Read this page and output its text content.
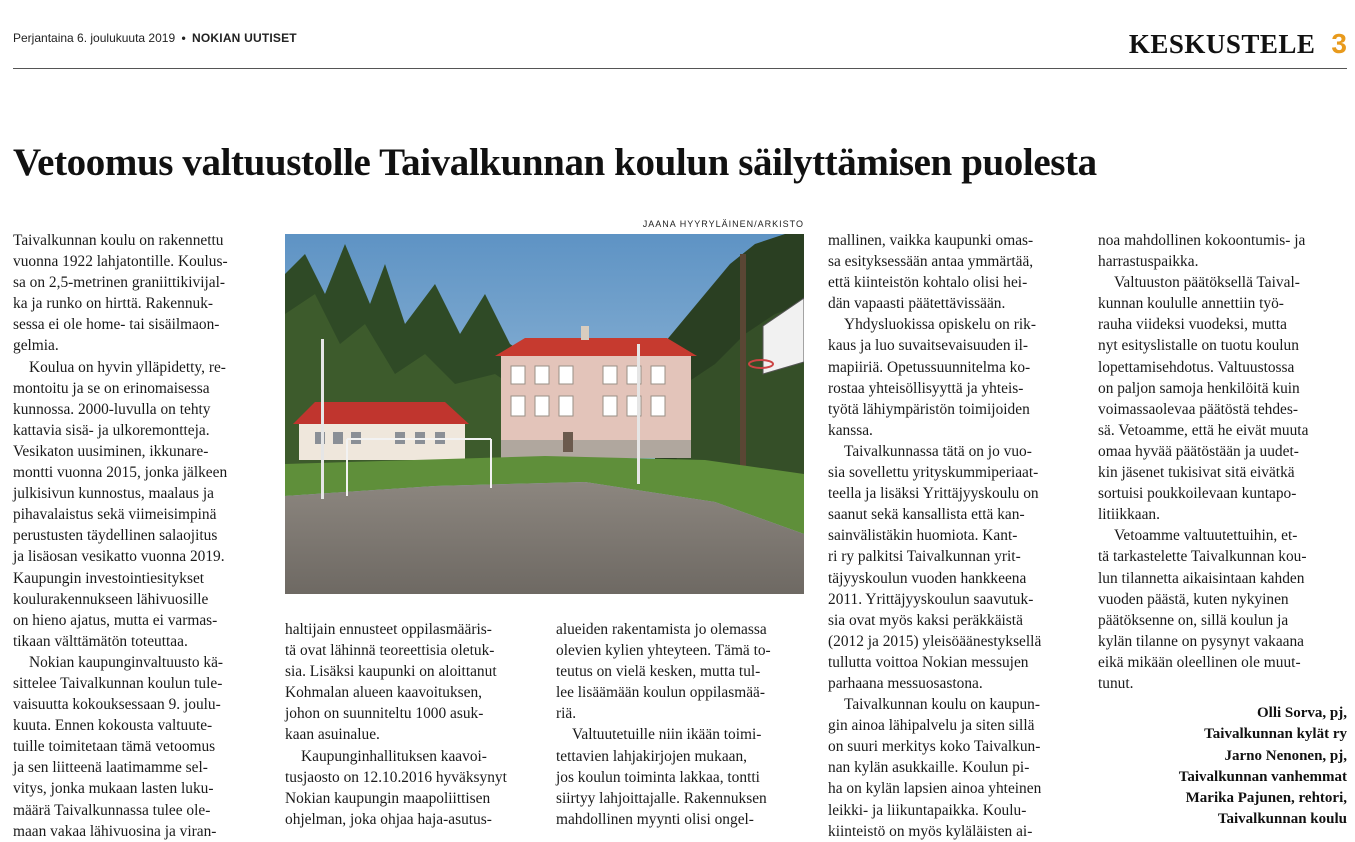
Perjantaina 6. joulukuuta 2019 • NOKIAN UUTISET	KESKUSTELE 3
Vetoomus valtuustolle Taivalkunnan koulun säilyttämisen puolesta
JAANA HYYRYLÄINEN/ARKISTO

Taivalkunnan koulu on rakennettu
vuonna 1922 lahjatontille. Koulus-
sa on 2,5-metrinen graniittikivijal-
ka ja runko on hirttä. Rakennuk-
sessa ei ole home- tai sisäilmaon-
gelmia.

Koulua on hyvin ylläpidetty, re-
montoitu ja se on erinomaisessa
kunnossa. 2000-luvulla on tehty
kattavia sisä- ja ulkoremontteja.
Vesikaton uusiminen, ikkunare-
montti vuonna 2015, jonka jälkeen
julkisivun kunnostus, maalaus ja
pihavalaistus sekä viimeisimpinä
perustusten täydellinen salaojitus
ja lisäosan vesikatto vuonna 2019.
Kaupungin investointiesitykset
koulurakennukseen lähivuosille
on hieno ajatus, mutta ei varmas-
tikaan välttämätön toteuttaa.

Nokian kaupunginvaltuusto kä-
sittelee Taivalkunnan koulun tule-
vaisuutta kokouksessaan 9. joulu-
kuuta. Ennen kokousta valtuute-
tuille toimitetaan tämä vetoomus
ja sen liitteenä laatimamme sel-
vitys, jonka mukaan lasten luku-
määrä Taivalkunnassa tulee ole-
maan vakaa lähivuosina ja viran-

haltijain ennusteet oppilasmääris-
tä ovat lähinnä teoreettisia oletuk-
sia. Lisäksi kaupunki on aloittanut
Kohmalan alueen kaavoituksen,
johon on suunniteltu 1000 asuk-
kaan asuinalue.

Kaupunginhallituksen kaavoi-
tusjaosto on 12.10.2016 hyväksynyt
Nokian kaupungin maapoliittisen
ohjelman, joka ohjaa haja-asutus-

alueiden rakentamista jo olemassa
olevien kylien yhteyteen. Tämä to-
teutus on vielä kesken, mutta tul-
lee lisäämään koulun oppilasmää-
riä.

Valtuutetuille niin ikään toimi-
tettavien lahjakirjojen mukaan,
jos koulun toiminta lakkaa, tontti
siirtyy lahjoittajalle. Rakennuksen
mahdollinen myynti olisi ongel-

mallinen, vaikka kaupunki omas-
sa esityksessään antaa ymmärtää,
että kiinteistön kohtalo olisi hei-
dän vapaasti päätettävissään.

Yhdysluokissa opiskelu on rik-
kaus ja luo suvaitsevaisuuden il-
mapiiriä. Opetussuunnitelma ko-
rostaa yhteisöllisyyttä ja yhteis-
työtä lähiympäristön toimijoiden
kanssa.

Taivalkunnassa tätä on jo vuo-
sia sovellettu yrityskummiperiaat-
teella ja lisäksi Yrittäjyyskoulu on
saanut sekä kansallista että kan-
sainvälistäkin huomiota. Kant-
ri ry palkitsi Taivalkunnan yrit-
täjyyskoulun vuoden hankkeena
2011. Yrittäjyyskoulun saavutuk-
sia ovat myös kaksi peräkkäistä
(2012 ja 2015) yleisöäänestyksellä
tullutta voittoa Nokian messujen
parhaana messuosastona.

Taivalkunnan koulu on kaupun-
gin ainoa lähipalvelu ja siten sillä
on suuri merkitys koko Taivalkun-
nan kylän asukkaille. Koulun pi-
ha on kylän lapsien ainoa yhteinen
leikki- ja liikuntapaikka. Koulu-
kiinteistö on myös kyläläisten ai-

noa mahdollinen kokoontumis- ja
harrastuspaikka.

Valtuuston päätöksellä Taival-
kunnan koululle annettiin työ-
rauha viideksi vuodeksi, mutta
nyt esityslistalle on tuotu koulun
lopettamisehdotus. Valtuustossa
on paljon samoja henkilöitä kuin
voimassaolevaa päätöstä tehdes-
sä. Vetoamme, että he eivät muuta
omaa hyvää päätöstään ja uudet-
kin jäsenet tukisivat sitä eivätkä
sortuisi poukkoilevaan kuntapo-
litiikkaan.

Vetoamme valtuutettuihin, et-
tä tarkastelette Taivalkunnan kou-
lun tilannetta aikaisintaan kahden
vuoden päästä, kuten nykyinen
päätöksenne on, sillä koulun ja
kylän tilanne on pysynyt vakaana
eikä mikään oleellinen ole muut-
tunut.

Olli Sorva, pj,
Taivalkunnan kylät ry
Jarno Nenonen, pj,
Taivalkunnan vanhemmat
Marika Pajunen, rehtori,
Taivalkunnan koulu
